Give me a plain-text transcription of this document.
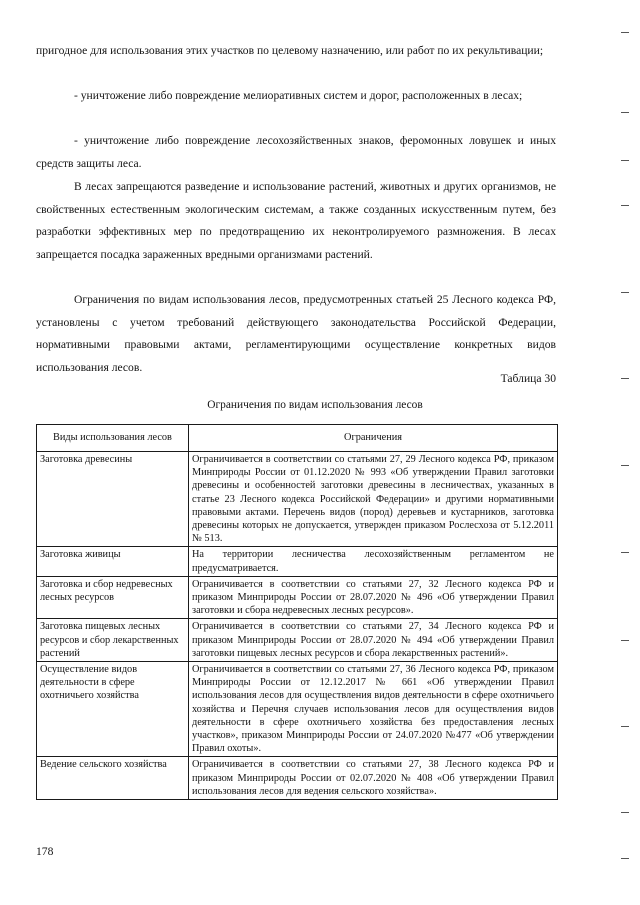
пригодное для использования этих участков по целевому назначению, или работ по их рекультивации;

- уничтожение либо повреждение мелиоративных систем и дорог, расположенных в лесах;

- уничтожение либо повреждение лесохозяйственных знаков, феромонных ловушек и иных средств защиты леса.

В лесах запрещаются разведение и использование растений, животных и других организмов, не свойственных естественным экологическим системам, а также созданных искусственным путем, без разработки эффективных мер по предотвращению их неконтролируемого размножения. В лесах запрещается посадка зараженных вредными организмами растений.

Ограничения по видам использования лесов, предусмотренных статьей 25 Лесного кодекса РФ, установлены с учетом требований действующего законодательства Российской Федерации, нормативными правовыми актами, регламентирующими осуществление конкретных видов использования лесов.

Таблица 30
Ограничения по видам использования лесов
Виды использования лесов	Ограничения
Заготовка древесины	Ограничивается в соответствии со статьями 27, 29 Лесного кодекса РФ, приказом Минприроды России от 01.12.2020 № 993 «Об утверждении Правил заготовки древесины и особенностей заготовки древесины в лесничествах, указанных в статье 23 Лесного кодекса Российской Федерации» и другими нормативными правовыми актами. Перечень видов (пород) деревьев и кустарников, заготовка древесины которых не допускается, утвержден приказом Рослесхоза от 5.12.2011 № 513.
Заготовка живицы	На территории лесничества лесохозяйственным регламентом не предусматривается.
Заготовка и сбор недревесных лесных ресурсов	Ограничивается в соответствии со статьями 27, 32 Лесного кодекса РФ и приказом Минприроды России от 28.07.2020 № 496 «Об утверждении Правил заготовки и сбора недревесных лесных ресурсов».
Заготовка пищевых лесных ресурсов и сбор лекарственных растений	Ограничивается в соответствии со статьями 27, 34 Лесного кодекса РФ и приказом Минприроды России от 28.07.2020 № 494 «Об утверждении Правил заготовки пищевых лесных ресурсов и сбора лекарственных растений».
Осуществление видов деятельности в сфере охотничьего хозяйства	Ограничивается в соответствии со статьями 27, 36 Лесного кодекса РФ, приказом Минприроды России от 12.12.2017 № 661 «Об утверждении Правил использования лесов для осуществления видов деятельности в сфере охотничьего хозяйства и Перечня случаев использования лесов для осуществления видов деятельности в сфере охотничьего хозяйства без предоставления лесных участков», приказом Минприроды России от 24.07.2020 №477 «Об утверждении Правил охоты».
Ведение сельского хозяйства	Ограничивается в соответствии со статьями 27, 38 Лесного кодекса РФ и приказом Минприроды России от 02.07.2020 № 408 «Об утверждении Правил использования лесов для ведения сельского хозяйства».
178
